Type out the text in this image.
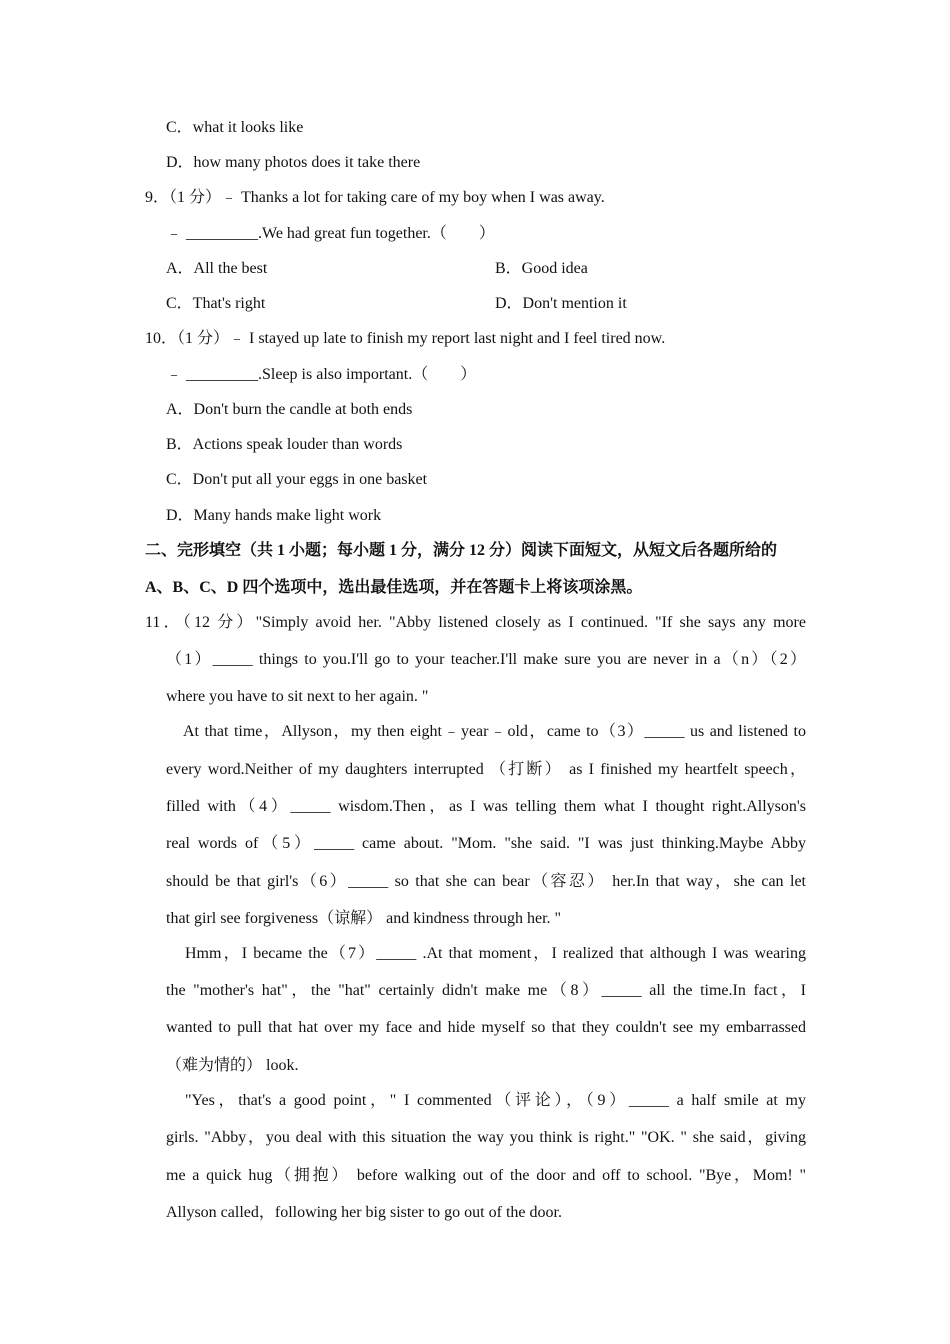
C．what it looks like

D．how many photos does it take there

9．（1 分）﹣ Thanks a lot for taking care of my boy when I was away.

﹣ _________.We had great fun together.（　　）

A．All the best	B．Good idea

C．That's right	D．Don't mention it

10．（1 分）﹣ I stayed up late to finish my report last night and I feel tired now.

﹣ _________.Sleep is also important.（　　）

A．Don't burn the candle at both ends

B．Actions speak louder than words

C．Don't put all your eggs in one basket

D．Many hands make light work

二、完形填空（共 1 小题；每小题 1 分，满分 12 分）阅读下面短文，从短文后各题所给的

A、B、C、D 四个选项中，选出最佳选项，并在答题卡上将该项涂黑。

11．（12 分）"Simply avoid her. "Abby listened closely as I continued. "If she says any more

（1）_____ things to you.I'll go to your teacher.I'll make sure you are never in a（n）（2）

where you have to sit next to her again. "

At that time，Allyson，my then eight﹣year﹣old，came to（3）_____ us and listened to

every word.Neither of my daughters interrupted （打断） as I finished my heartfelt speech，

filled with（4）_____ wisdom.Then，as I was telling them what I thought right.Allyson's

real words of（5）_____ came about. "Mom. "she said. "I was just thinking.Maybe Abby

should be that girl's（6）_____ so that she can bear（容忍） her.In that way，she can let

that girl see forgiveness（谅解） and kindness through her. "

Hmm，I became the（7）_____ .At that moment，I realized that although I was wearing

the "mother's hat"，the "hat" certainly didn't make me（8）_____ all the time.In fact，I

wanted to pull that hat over my face and hide myself so that they couldn't see my embarrassed

（难为情的） look.

"Yes，that's a good point，" I commented（评论），（9）_____ a half smile at my

girls. "Abby，you deal with this situation the way you think is right." "OK. " she said，giving

me a quick hug（拥抱） before walking out of the door and off to school. "Bye，Mom! "

Allyson called，following her big sister to go out of the door.
